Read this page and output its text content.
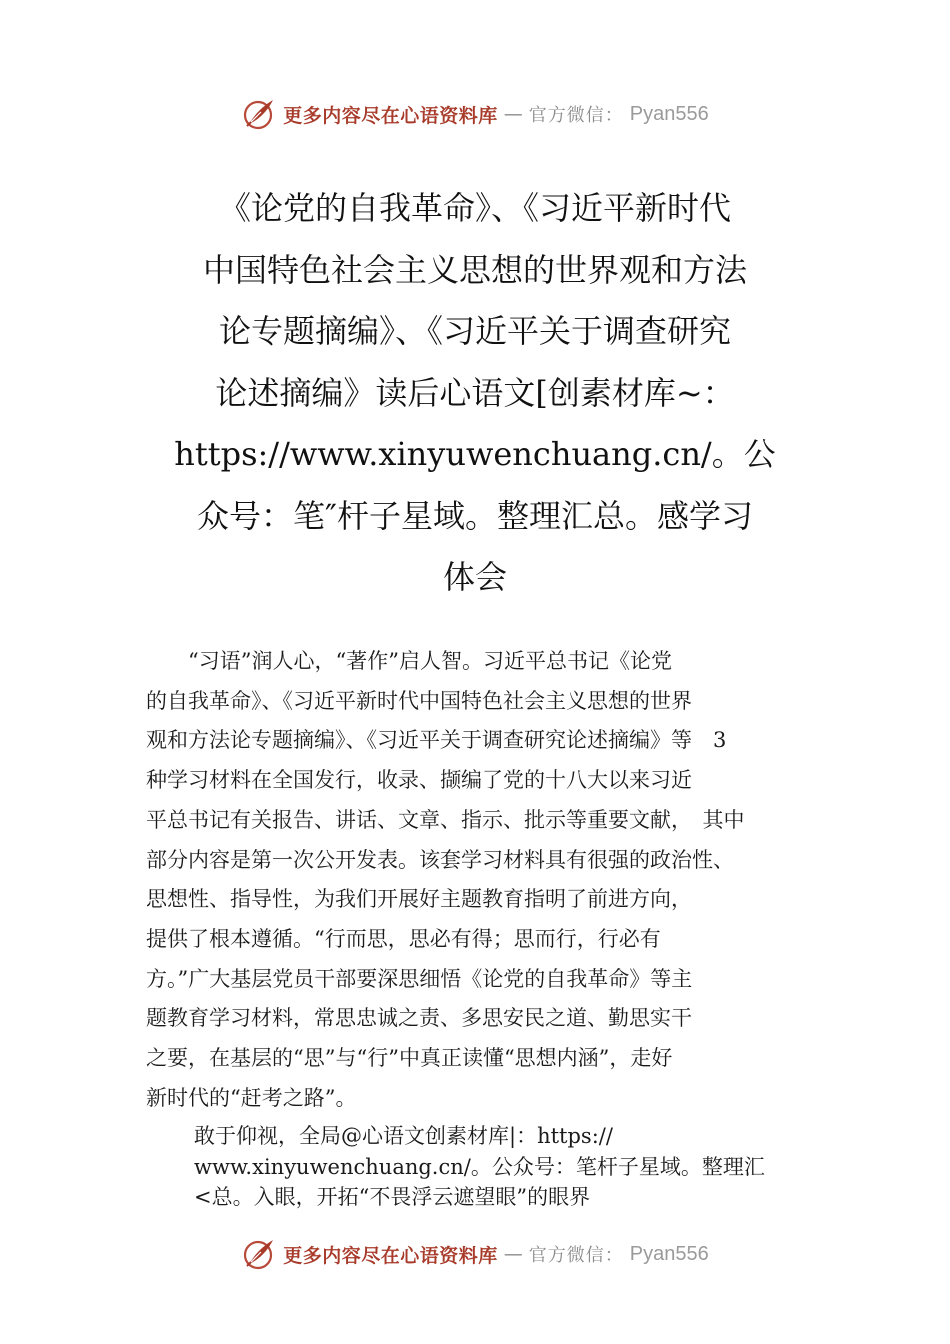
更多内容尽在心语资料库 — 官方微信： Pyan556
《论党的自我革命》、《习近平新时代
中国特色社会主义思想的世界观和方法
论专题摘编》、《习近平关于调查研究
论述摘编》读后心语文[创素材库~：
https://www.xinyuwenchuang.cn/。公
众号：笔″杆子星域。整理汇总。感学习
体会

　　“习语”润人心，“著作”启人智。习近平总书记《论党
的自我革命》、《习近平新时代中国特色社会主义思想的世界
观和方法论专题摘编》、《习近平关于调查研究论述摘编》等　3
种学习材料在全国发行，收录、撷编了党的十八大以来习近
平总书记有关报告、讲话、文章、指示、批示等重要文献，　其中
部分内容是第一次公开发表。该套学习材料具有很强的政治性、
思想性、指导性，为我们开展好主题教育指明了前进方向，
提供了根本遵循。“行而思，思必有得；思而行，行必有
方。”广大基层党员干部要深思细悟《论党的自我革命》等主
题教育学习材料，常思忠诚之责、多思安民之道、勤思实干
之要，在基层的“思”与“行”中真正读懂“思想内涵”，走好
新时代的“赶考之路”。

敢于仰视，全局@心语文创素材库|：https://
www.xinyuwenchuang.cn/。公众号：笔杆子星域。整理汇
<总。入眼，开拓“不畏浮云遮望眼”的眼界

更多内容尽在心语资料库 — 官方微信： Pyan556
